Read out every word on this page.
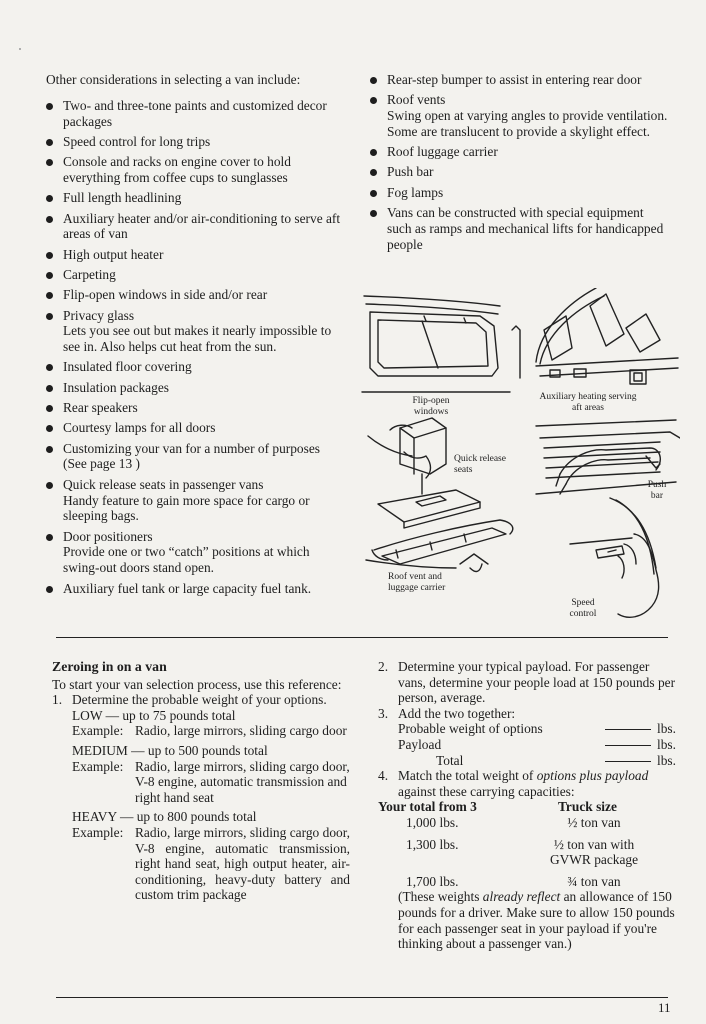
Other considerations in selecting a van include:

Two- and three-tone paints and customized decor packages
Speed control for long trips
Console and racks on engine cover to hold everything from coffee cups to sunglasses
Full length headlining
Auxiliary heater and/or air-conditioning to serve aft areas of van
High output heater
Carpeting
Flip-open windows in side and/or rear
Privacy glass
Lets you see out but makes it nearly impossible to see in. Also helps cut heat from the sun.
Insulated floor covering
Insulation packages
Rear speakers
Courtesy lamps for all doors
Customizing your van for a number of purposes (See page 13 )
Quick release seats in passenger vans
Handy feature to gain more space for cargo or sleeping bags.
Door positioners
Provide one or two “catch” positions at which swing-out doors stand open.
Auxiliary fuel tank or large capacity fuel tank.
Rear-step bumper to assist in entering rear door
Roof vents
Swing open at varying angles to provide ventilation. Some are translucent to provide a skylight effect.
Roof luggage carrier
Push bar
Fog lamps
Vans can be constructed with special equipment such as ramps and mechanical lifts for handicapped people
Flip-open windows
Auxiliary heating serving aft areas
Quick release seats
Push bar
Roof vent and luggage carrier
Speed control

Zeroing in on a van

To start your van selection process, use this reference:

1. Determine the probable weight of your options.
LOW — up to 75 pounds total
Example: Radio, large mirrors, sliding cargo door
MEDIUM — up to 500 pounds total
Example: Radio, large mirrors, sliding cargo door, V-8 engine, automatic transmission and right hand seat
HEAVY — up to 800 pounds total
Example: Radio, large mirrors, sliding cargo door, V-8 engine, automatic transmission, right hand seat, high output heater, air-conditioning, heavy-duty battery and custom trim package
2. Determine your typical payload. For passenger vans, determine your people load at 150 pounds per person, average.
3. Add the two together:
Probable weight of options	lbs.
Payload	lbs.
Total	lbs.
4. Match the total weight of options plus payload against these carrying capacities:
Your total from 3	Truck size
1,000 lbs.	½ ton van
1,300 lbs.	½ ton van with GVWR package
1,700 lbs.	¾ ton van
(These weights already reflect an allowance of 150 pounds for a driver. Make sure to allow 150 pounds for each passenger seat in your payload if you're thinking about a passenger van.)
11
